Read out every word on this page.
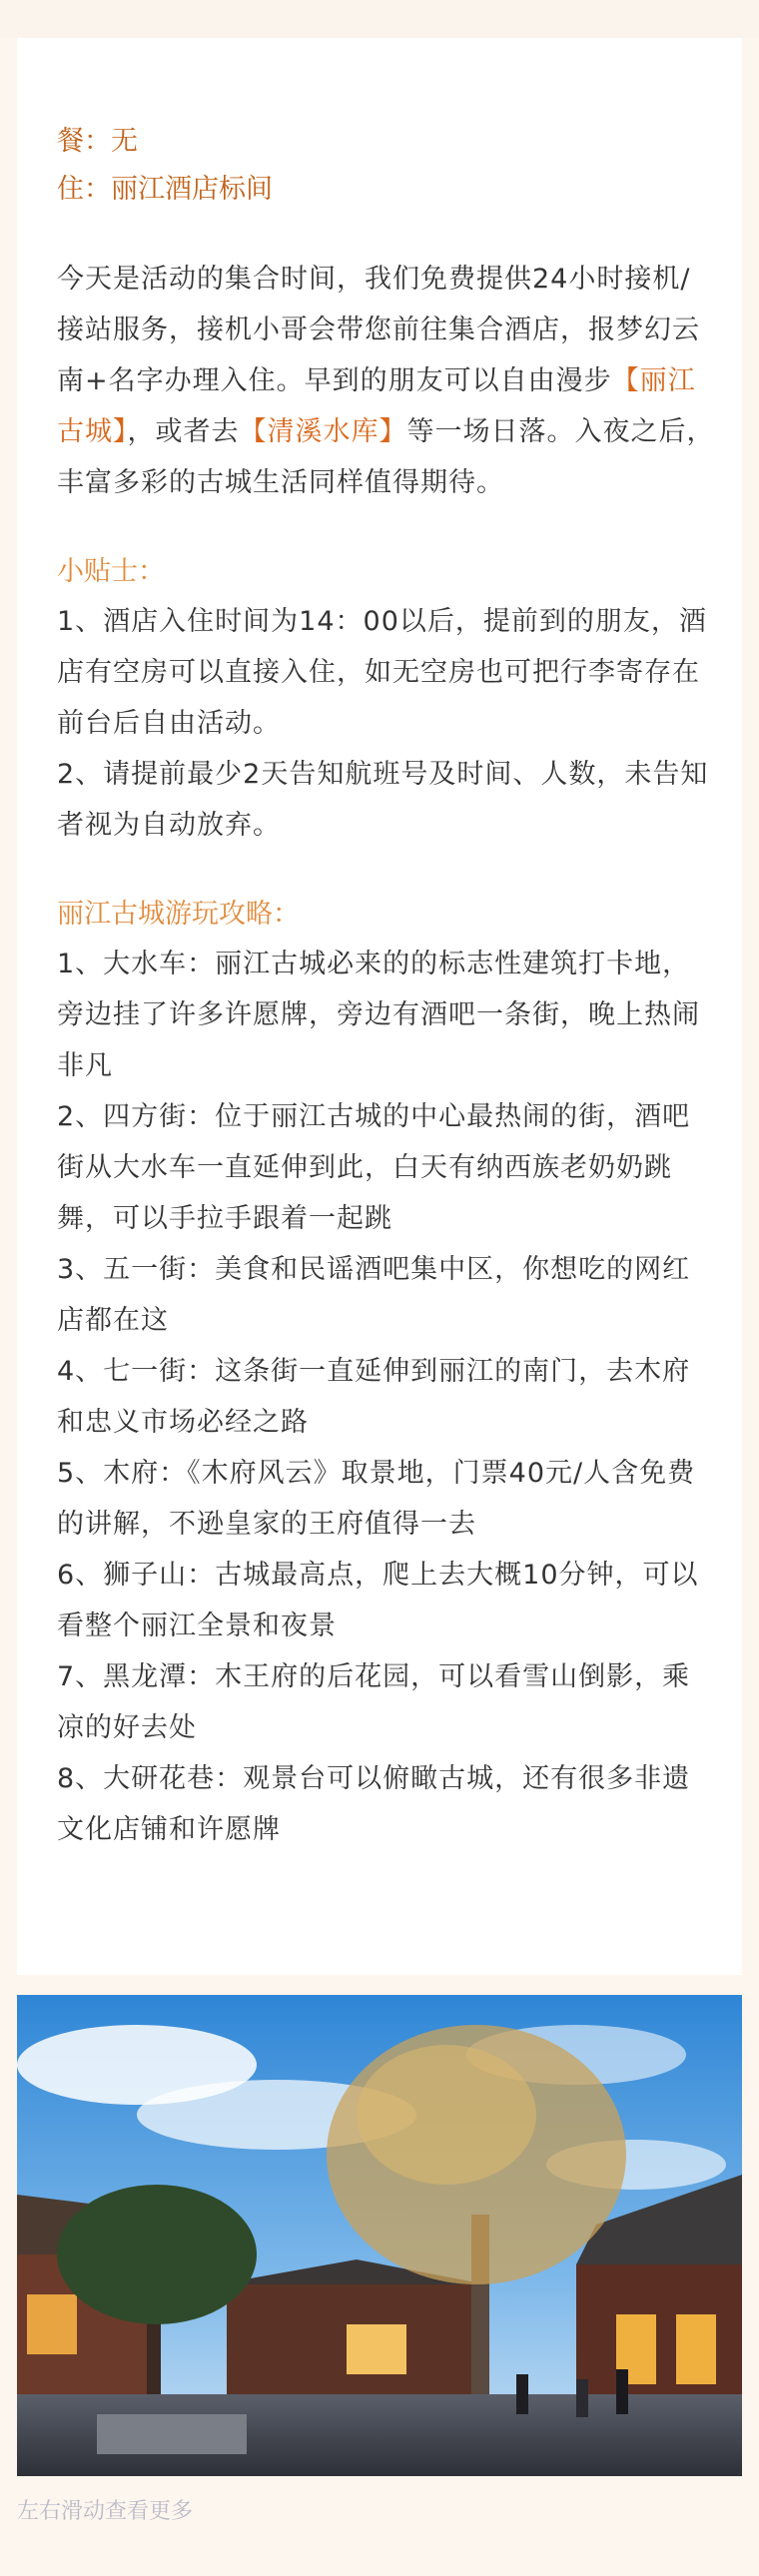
餐：无
住：丽江酒店标间

今天是活动的集合时间，我们免费提供24小时接机/接站服务，接机小哥会带您前往集合酒店，报梦幻云南+名字办理入住。早到的朋友可以自由漫步【丽江古城】，或者去【清溪水库】等一场日落。入夜之后，丰富多彩的古城生活同样值得期待。

小贴士：

1、酒店入住时间为14：00以后，提前到的朋友，酒店有空房可以直接入住，如无空房也可把行李寄存在前台后自由活动。

2、请提前最少2天告知航班号及时间、人数，未告知者视为自动放弃。

丽江古城游玩攻略：

1、大水车：丽江古城必来的的标志性建筑打卡地，旁边挂了许多许愿牌，旁边有酒吧一条街，晚上热闹非凡

2、四方街：位于丽江古城的中心最热闹的街，酒吧街从大水车一直延伸到此，白天有纳西族老奶奶跳舞，可以手拉手跟着一起跳

3、五一街：美食和民谣酒吧集中区，你想吃的网红店都在这

4、七一街：这条街一直延伸到丽江的南门，去木府和忠义市场必经之路

5、木府：《木府风云》取景地，门票40元/人含免费的讲解，不逊皇家的王府值得一去

6、狮子山：古城最高点，爬上去大概10分钟，可以看整个丽江全景和夜景

7、黑龙潭：木王府的后花园，可以看雪山倒影，乘凉的好去处

8、大研花巷：观景台可以俯瞰古城，还有很多非遗文化店铺和许愿牌

左右滑动查看更多
